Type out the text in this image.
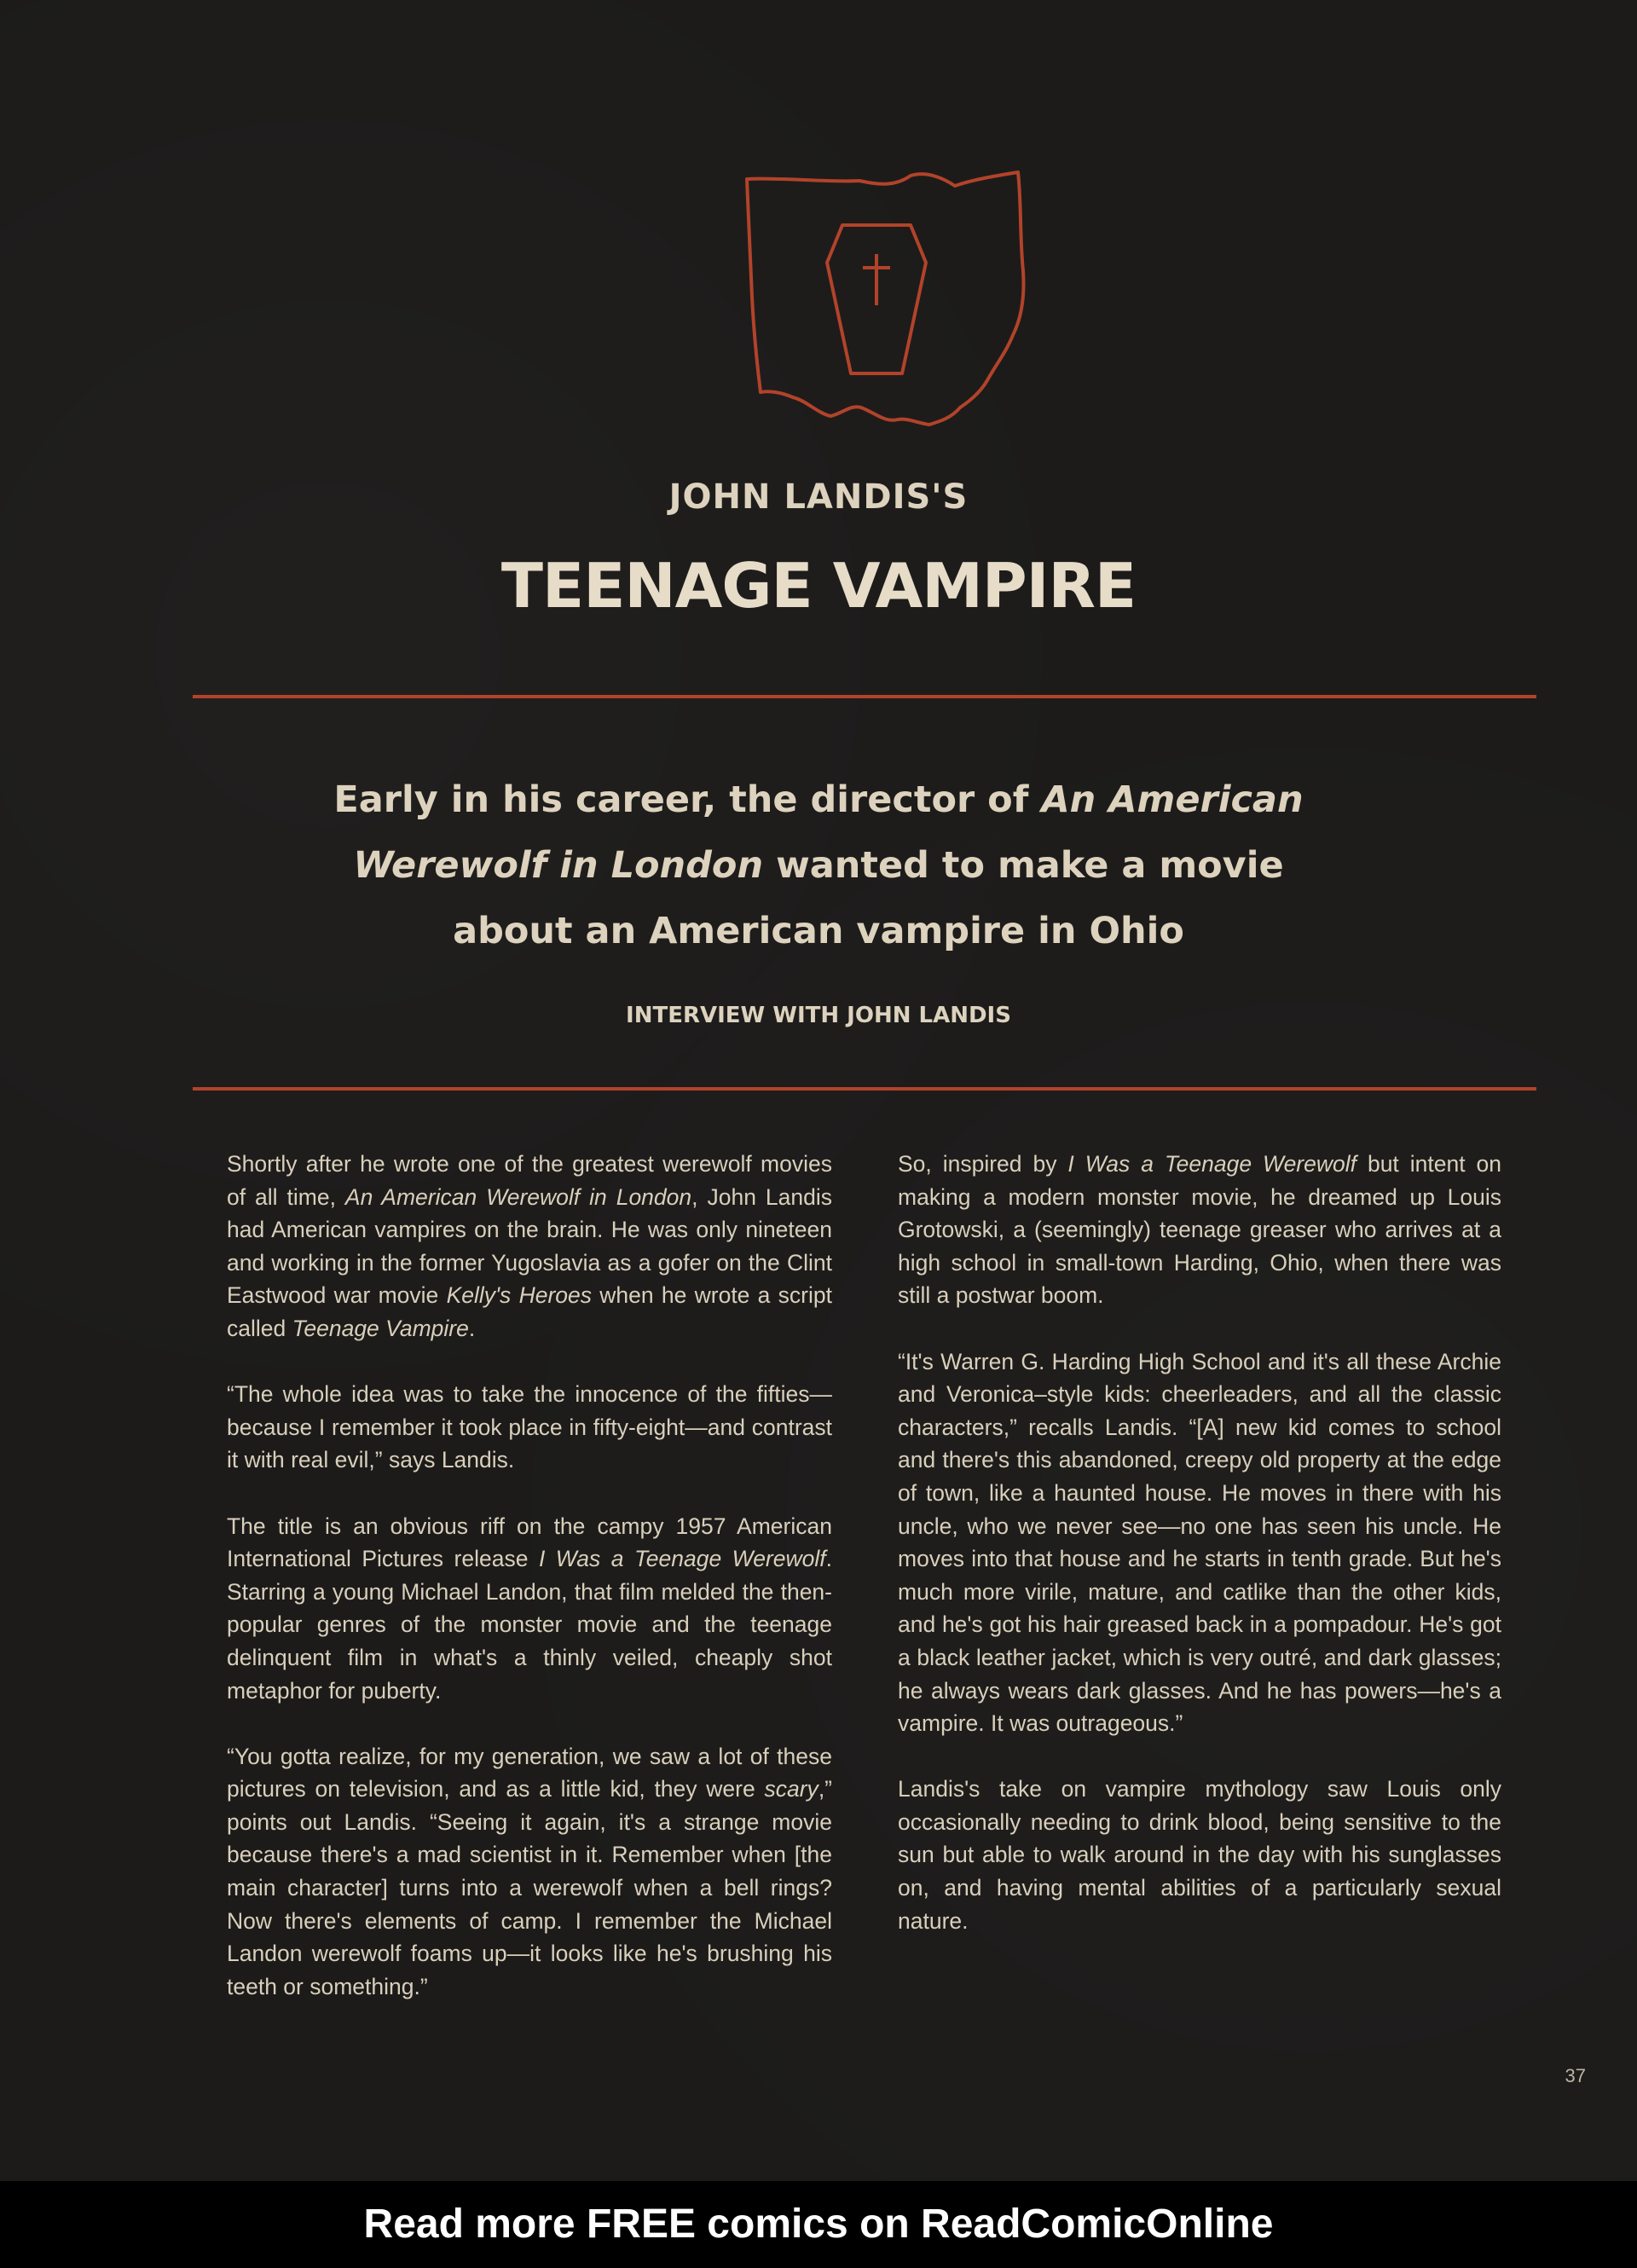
JOHN LANDIS'S
TEENAGE VAMPIRE
Early in his career, the director of An American
Werewolf in London wanted to make a movie
about an American vampire in Ohio
INTERVIEW WITH JOHN LANDIS

Shortly after he wrote one of the greatest werewolf movies of all time, An American Werewolf in London, John Landis had American vampires on the brain. He was only nineteen and working in the former Yugoslavia as a gofer on the Clint Eastwood war movie Kelly's Heroes when he wrote a script called Teenage Vampire.

“The whole idea was to take the innocence of the fifties—because I remember it took place in fifty-eight—and contrast it with real evil,” says Landis.

The title is an obvious riff on the campy 1957 American International Pictures release I Was a Teenage Werewolf. Starring a young Michael Landon, that film melded the then-popular genres of the monster movie and the teenage delinquent film in what's a thinly veiled, cheaply shot metaphor for puberty.

“You gotta realize, for my generation, we saw a lot of these pictures on television, and as a little kid, they were scary,” points out Landis. “Seeing it again, it's a strange movie because there's a mad scientist in it. Remember when [the main character] turns into a werewolf when a bell rings? Now there's elements of camp. I remember the Michael Landon werewolf foams up—it looks like he's brushing his teeth or something.”

So, inspired by I Was a Teenage Werewolf but intent on making a modern monster movie, he dreamed up Louis Grotowski, a (seemingly) teenage greaser who arrives at a high school in small-town Harding, Ohio, when there was still a postwar boom.

“It's Warren G. Harding High School and it's all these Archie and Veronica–style kids: cheerleaders, and all the classic characters,” recalls Landis. “[A] new kid comes to school and there's this abandoned, creepy old property at the edge of town, like a haunted house. He moves in there with his uncle, who we never see—no one has seen his uncle. He moves into that house and he starts in tenth grade. But he's much more virile, mature, and catlike than the other kids, and he's got his hair greased back in a pompadour. He's got a black leather jacket, which is very outré, and dark glasses; he always wears dark glasses. And he has powers—he's a vampire. It was outrageous.”

Landis's take on vampire mythology saw Louis only occasionally needing to drink blood, being sensitive to the sun but able to walk around in the day with his sunglasses on, and having mental abilities of a particularly sexual nature.

37
Read more FREE comics on ReadComicOnline
